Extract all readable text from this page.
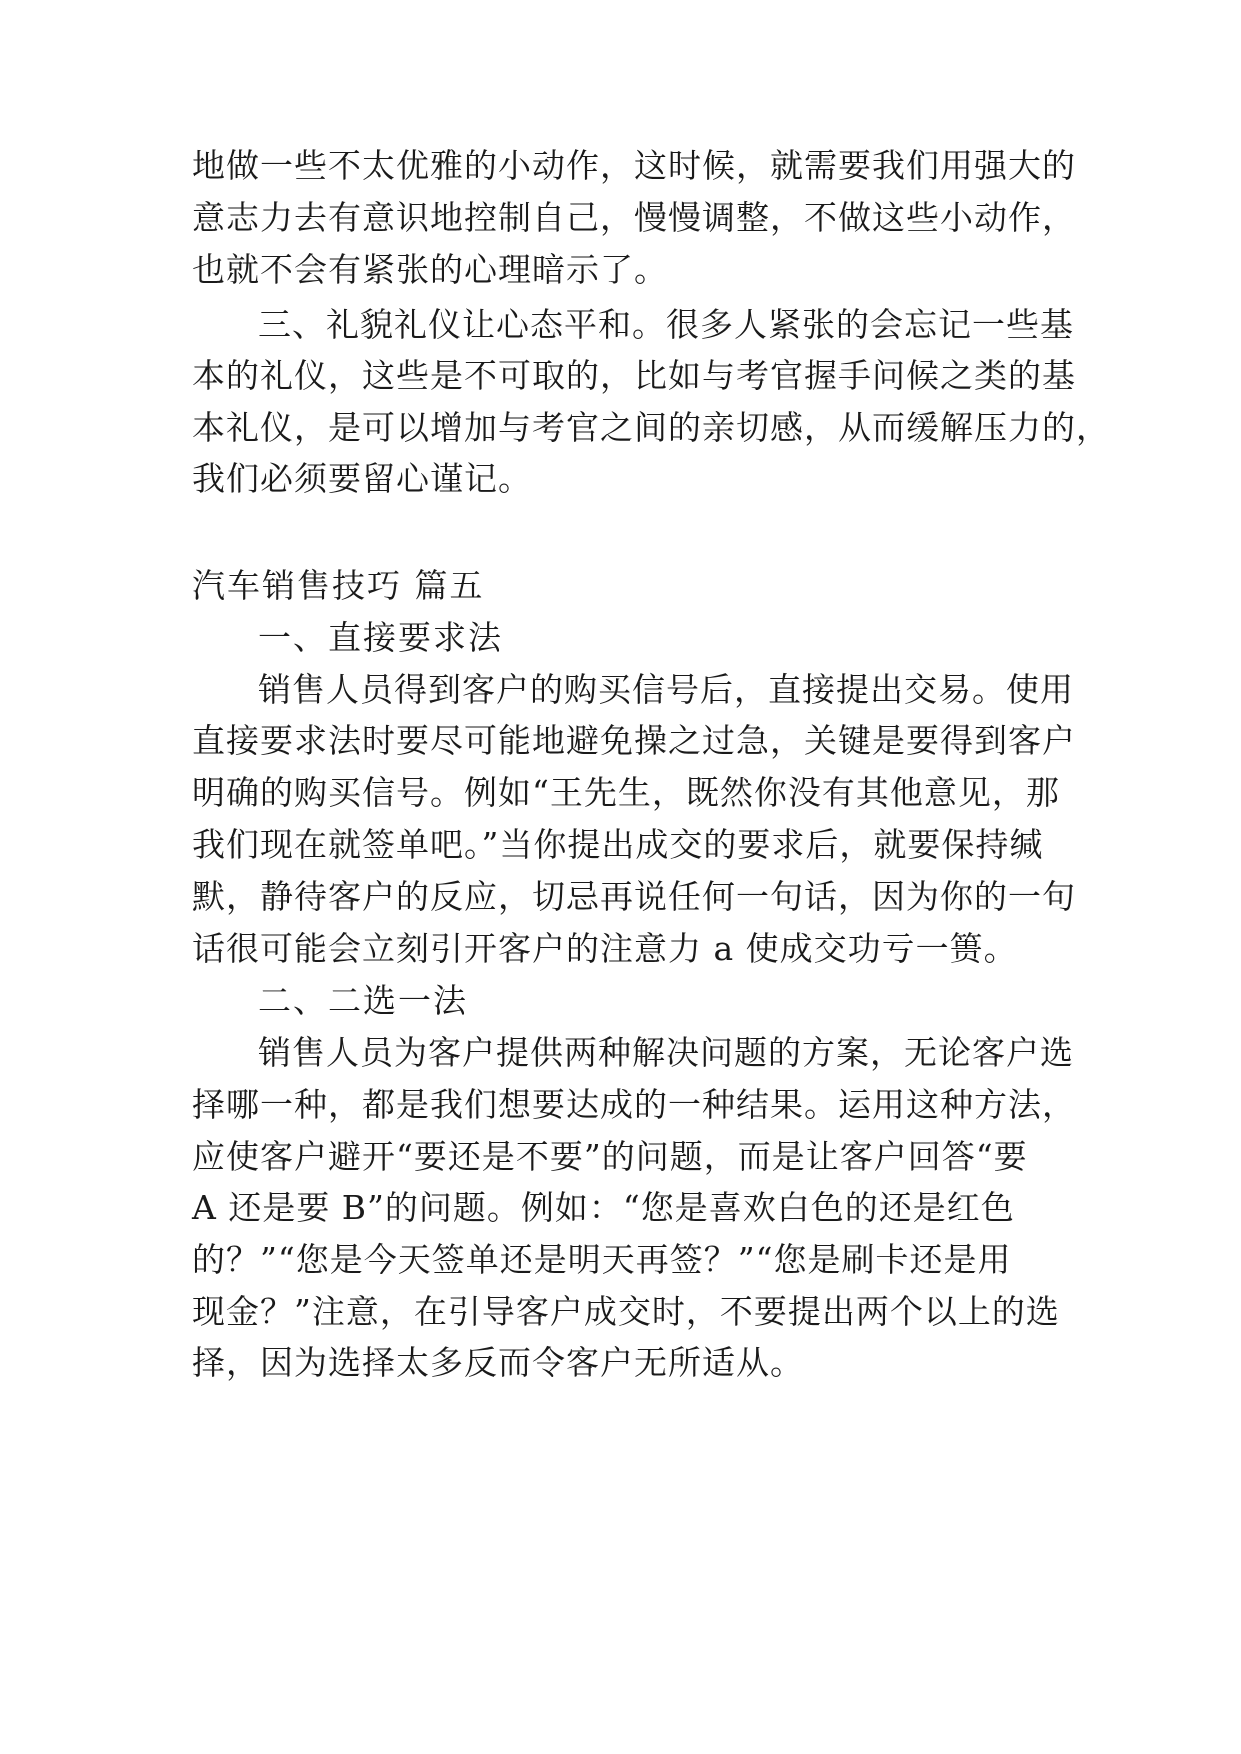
地做一些不太优雅的小动作，这时候，就需要我们用强大的
意志力去有意识地控制自己，慢慢调整，不做这些小动作，
也就不会有紧张的心理暗示了。
三、礼貌礼仪让心态平和。很多人紧张的会忘记一些基
本的礼仪，这些是不可取的，比如与考官握手问候之类的基
本礼仪，是可以增加与考官之间的亲切感，从而缓解压力的，
我们必须要留心谨记。
汽车销售技巧 篇五
一、直接要求法
销售人员得到客户的购买信号后，直接提出交易。使用
直接要求法时要尽可能地避免操之过急，关键是要得到客户
明确的购买信号。例如“王先生，既然你没有其他意见，那
我们现在就签单吧。”当你提出成交的要求后，就要保持缄
默，静待客户的反应，切忌再说任何一句话，因为你的一句
话很可能会立刻引开客户的注意力 a 使成交功亏一篑。
二、二选一法
销售人员为客户提供两种解决问题的方案，无论客户选
择哪一种，都是我们想要达成的一种结果。运用这种方法，
应使客户避开“要还是不要”的问题，而是让客户回答“要
A 还是要 B”的问题。例如：“您是喜欢白色的还是红色
的？”“您是今天签单还是明天再签？”“您是刷卡还是用
现金？”注意，在引导客户成交时，不要提出两个以上的选
择，因为选择太多反而令客户无所适从。
